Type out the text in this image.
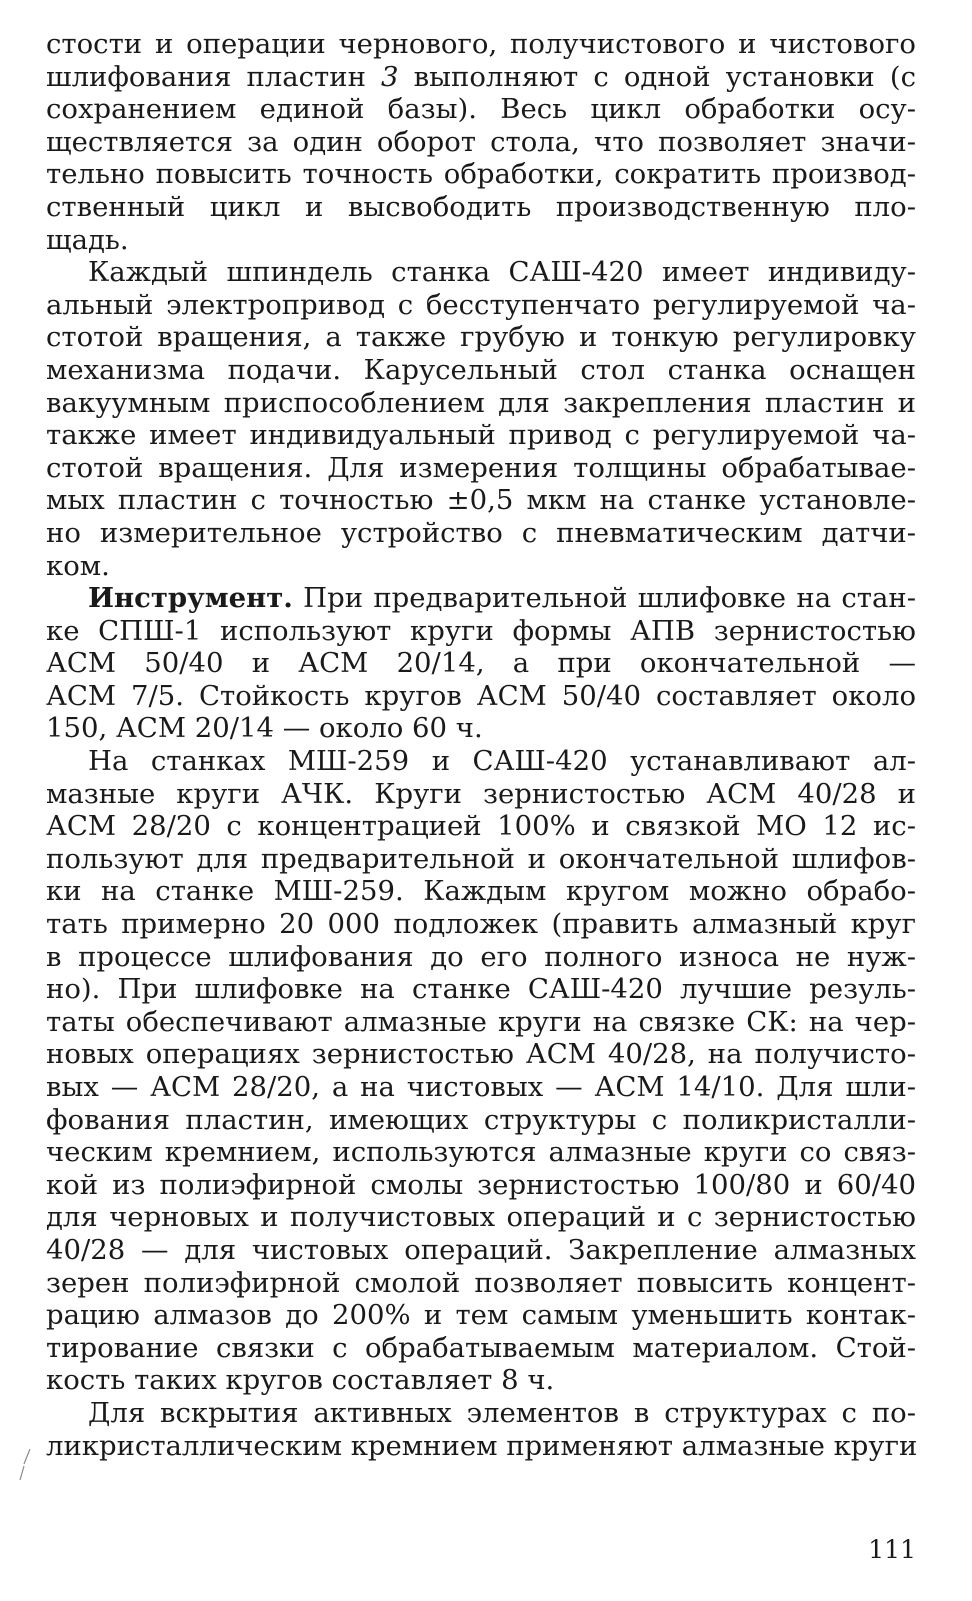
стости и операции чернового, получистового и чистового
шлифования пластин 3 выполняют с одной установки (с
сохранением единой базы). Весь цикл обработки осу-
ществляется за один оборот стола, что позволяет значи-
тельно повысить точность обработки, сократить производ-
ственный цикл и высвободить производственную пло-
щадь.
Каждый шпиндель станка САШ-420 имеет индивиду-
альный электропривод с бесступенчато регулируемой ча-
стотой вращения, а также грубую и тонкую регулировку
механизма подачи. Карусельный стол станка оснащен
вакуумным приспособлением для закрепления пластин и
также имеет индивидуальный привод с регулируемой ча-
стотой вращения. Для измерения толщины обрабатывае-
мых пластин с точностью ±0,5 мкм на станке установле-
но измерительное устройство с пневматическим датчи-
ком.
Инструмент. При предварительной шлифовке на стан-
ке СПШ-1 используют круги формы АПВ зернистостью
АСМ 50/40 и АСМ 20/14, а при окончательной —
АСМ 7/5. Стойкость кругов АСМ 50/40 составляет около
150, АСМ 20/14 — около 60 ч.
На станках МШ-259 и САШ-420 устанавливают ал-
мазные круги АЧК. Круги зернистостью АСМ 40/28 и
АСМ 28/20 с концентрацией 100% и связкой МО 12 ис-
пользуют для предварительной и окончательной шлифов-
ки на станке МШ-259. Каждым кругом можно обрабо-
тать примерно 20 000 подложек (править алмазный круг
в процессе шлифования до его полного износа не нуж-
но). При шлифовке на станке САШ-420 лучшие резуль-
таты обеспечивают алмазные круги на связке СК: на чер-
новых операциях зернистостью АСМ 40/28, на получисто-
вых — АСМ 28/20, а на чистовых — АСМ 14/10. Для шли-
фования пластин, имеющих структуры с поликристалли-
ческим кремнием, используются алмазные круги со связ-
кой из полиэфирной смолы зернистостью 100/80 и 60/40
для черновых и получистовых операций и с зернистостью
40/28 — для чистовых операций. Закрепление алмазных
зерен полиэфирной смолой позволяет повысить концент-
рацию алмазов до 200% и тем самым уменьшить контак-
тирование связки с обрабатываемым материалом. Стой-
кость таких кругов составляет 8 ч.
Для вскрытия активных элементов в структурах с по-
ликристаллическим кремнием применяют алмазные круги
111
